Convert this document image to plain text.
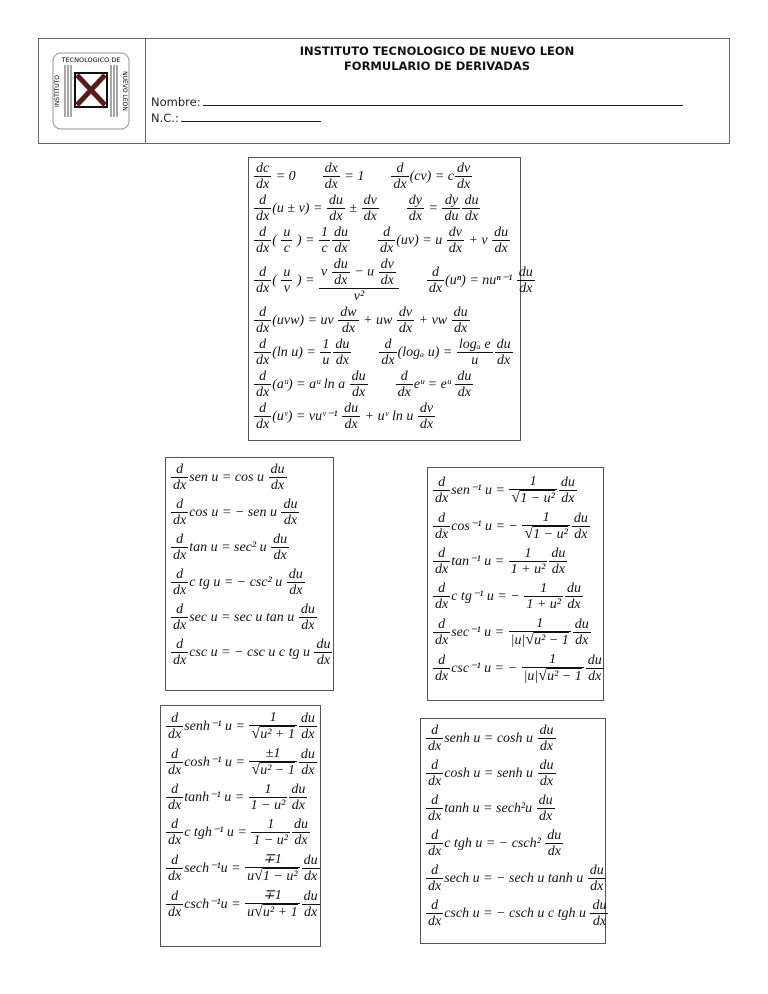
TECNOLOGICO DE
INSTITUTO	NUEVO LEON
INSTITUTO TECNOLOGICO DE NUEVO LEON
FORMULARIO DE DERIVADAS
Nombre:
N.C.:
$\frac{dc}{dx} = 0 \frac{dx}{dx} = 1 \frac{d}{dx} (cv) = c \frac{dv}{dx}$
$\frac{d}{dx} (u \pm v) = \frac{du}{dx} \pm \frac{dv}{dx} \frac{dy}{dx} = \frac{dy}{du} \frac{du}{dx}$
$\frac{d}{dx}$ ( $\frac{u}{c}$ ) = $\frac{1}{c} \frac{du}{dx} \frac{d}{dx} (uv) = u \frac{dv}{dx} + v \frac{du}{dx}$
$\frac{d}{dx}$ ( $\frac{u}{v}$ ) =
v $\frac{du}{dx} - u \frac{dv}{dx}$
v²
$\frac{d}{dx} (u^n) = nu^{n-1} \frac{du}{dx}$
$\frac{d}{dx} (uvw)$ = uv $\frac{dw}{dx}$ + uw $\frac{dv}{dx}$ + vw $\frac{du}{dx}$
$\frac{d}{dx} (\ln$ $u) = \frac{1}{u} \frac{du}{dx} \frac{d}{dx} (\log_a$ $u) = \frac{\text{logₐ e}}{u} \frac{du}{dx}$
$\frac{d}{dx}$ (aᵘ) = aᵘ ln a $\frac{du}{dx} \frac{d}{dx}$ eᵘ = eᵘ $\frac{du}{dx}$
$\frac{d}{dx}$ (uᵛ) = vuᵛ⁻¹ $\frac{du}{dx}$ + uᵛ ln u $\frac{dv}{dx}$
$\frac{d}{dx}$ sen u = cos u $\frac{du}{dx}$
$\frac{d}{dx}$ cos u = − sen u $\frac{du}{dx}$
$\frac{d}{dx}$ tan u = sec² u $\frac{du}{dx}$
$\frac{d}{dx}$ c tg u = − csc² u $\frac{du}{dx}$
$\frac{d}{dx}$ sec u = sec u tan u $\frac{du}{dx}$
$\frac{d}{dx}$ csc u = − csc u c tg u $\frac{du}{dx}$
$\frac{d}{dx} sen^{-1}$ $u = \frac{1}{\text{√ 1 − u²}} \frac{du}{dx}$
$\frac{d}{dx} \cos^{-1}$ u = − $\frac{1}{\text{√ 1 − u²}} \frac{du}{dx}$
$\frac{d}{dx} \tan^{-1}$ $u = \frac{1}{\text{1 + u²}} \frac{du}{dx}$
$\frac{d}{dx}$ c tg⁻¹ u = − $\frac{1}{\text{1 + u²}} \frac{du}{dx}$
$\frac{d}{dx} \sec^{-1}$ $u = \frac{1}{\text{|u| √ u² − 1}} \frac{du}{dx}$
$\frac{d}{dx} \csc^{-1}$ u = − $\frac{1}{\text{|u| √ u² − 1}} \frac{du}{dx}$
$\frac{d}{dx}$ senh⁻¹ $u = \frac{1}{\text{√ u² + 1}} \frac{du}{dx}$
$\frac{d}{dx} \cosh^{-1}$ $u = \frac{\pm 1}{\text{√ u² − 1}} \frac{du}{dx}$
$\frac{d}{dx} \tanh^{-1}$ $u = \frac{1}{\text{1 − u²}} \frac{du}{dx}$
$\frac{d}{dx}$ c tgh⁻¹ $u = \frac{1}{\text{1 − u²}} \frac{du}{dx}$
$\frac{d}{dx} \sec h^{-1}u = \frac{\mp 1}{\text{u √ 1 − u²}} \frac{du}{dx}$
$\frac{d}{dx} \csc h^{-1}u = \frac{\mp 1}{\text{u √ u² + 1}} \frac{du}{dx}$
$\frac{d}{dx}$ senh u = cosh u $\frac{du}{dx}$
$\frac{d}{dx}$ cosh u = senh u $\frac{du}{dx}$
$\frac{d}{dx}$ $\tanh u = \sec h^2u \frac{du}{dx}$
$\frac{d}{dx}$ c tgh u = − $\csc h^2 \frac{du}{dx}$
$\frac{d}{dx}$ sech u = − sech u tanh u $\frac{du}{dx}$
$\frac{d}{dx}$ csch u = − csch u c tgh u $\frac{du}{dx}$
